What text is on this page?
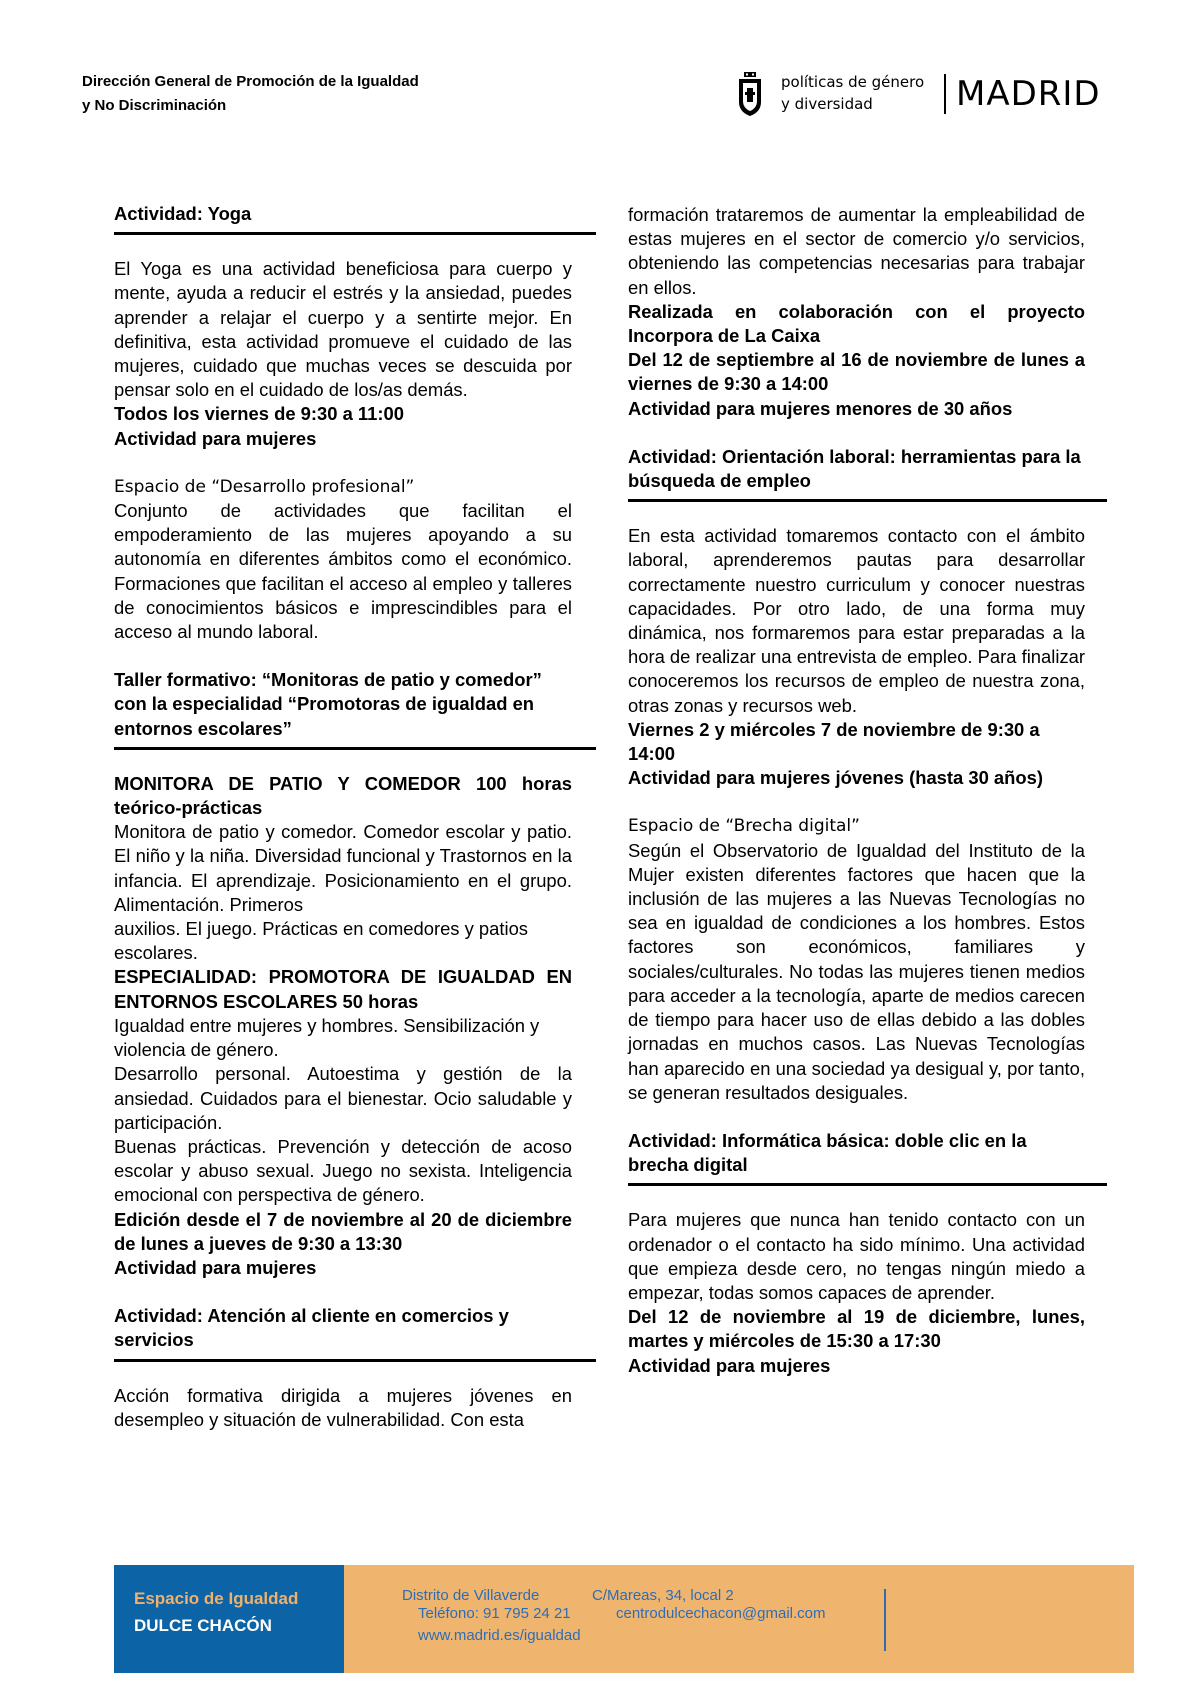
Dirección General de Promoción de la Igualdad
y No Discriminación
políticas de género
y diversidad MADRID

Actividad: Yoga

El Yoga es una actividad beneficiosa para cuerpo y mente, ayuda a reducir el estrés y la ansiedad, puedes aprender a relajar el cuerpo y a sentirte mejor. En definitiva, esta actividad promueve el cuidado de las mujeres, cuidado que muchas veces se descuida por pensar solo en el cuidado de los/as demás.

Todos los viernes de 9:30 a 11:00

Actividad para mujeres

Espacio de “Desarrollo profesional”

Conjunto de actividades que facilitan el empoderamiento de las mujeres apoyando a su autonomía en diferentes ámbitos como el económico. Formaciones que facilitan el acceso al empleo y talleres de conocimientos básicos e imprescindibles para el acceso al mundo laboral.

Taller formativo: “Monitoras de patio y comedor” con la especialidad “Promotoras de igualdad en entornos escolares”

MONITORA DE PATIO Y COMEDOR 100 horas teórico-prácticas

Monitora de patio y comedor. Comedor escolar y patio. El niño y la niña. Diversidad funcional y Trastornos en la infancia. El aprendizaje. Posicionamiento en el grupo. Alimentación. Primeros

auxilios. El juego. Prácticas en comedores y patios escolares.

ESPECIALIDAD: PROMOTORA DE IGUALDAD EN ENTORNOS ESCOLARES 50 horas

Igualdad entre mujeres y hombres. Sensibilización y violencia de género.

Desarrollo personal. Autoestima y gestión de la ansiedad. Cuidados para el bienestar. Ocio saludable y participación.

Buenas prácticas. Prevención y detección de acoso escolar y abuso sexual. Juego no sexista. Inteligencia emocional con perspectiva de género.

Edición desde el 7 de noviembre al 20 de diciembre de lunes a jueves de 9:30 a 13:30

Actividad para mujeres

Actividad: Atención al cliente en comercios y servicios

Acción formativa dirigida a mujeres jóvenes en desempleo y situación de vulnerabilidad. Con esta

formación trataremos de aumentar la empleabilidad de estas mujeres en el sector de comercio y/o servicios, obteniendo las competencias necesarias para trabajar en ellos.

Realizada en colaboración con el proyecto Incorpora de La Caixa

Del 12 de septiembre al 16 de noviembre de lunes a viernes de 9:30 a 14:00

Actividad para mujeres menores de 30 años

Actividad: Orientación laboral: herramientas para la búsqueda de empleo

En esta actividad tomaremos contacto con el ámbito laboral, aprenderemos pautas para desarrollar correctamente nuestro curriculum y conocer nuestras capacidades. Por otro lado, de una forma muy dinámica, nos formaremos para estar preparadas a la hora de realizar una entrevista de empleo. Para finalizar conoceremos los recursos de empleo de nuestra zona, otras zonas y recursos web.

Viernes 2 y miércoles 7 de noviembre de 9:30 a 14:00

Actividad para mujeres jóvenes (hasta 30 años)

Espacio de “Brecha digital”

Según el Observatorio de Igualdad del Instituto de la Mujer existen diferentes factores que hacen que la inclusión de las mujeres a las Nuevas Tecnologías no sea en igualdad de condiciones a los hombres. Estos factores son económicos, familiares y sociales/culturales. No todas las mujeres tienen medios para acceder a la tecnología, aparte de medios carecen de tiempo para hacer uso de ellas debido a las dobles jornadas en muchos casos. Las Nuevas Tecnologías han aparecido en una sociedad ya desigual y, por tanto, se generan resultados desiguales.

Actividad: Informática básica: doble clic en la brecha digital

Para mujeres que nunca han tenido contacto con un ordenador o el contacto ha sido mínimo. Una actividad que empieza desde cero, no tengas ningún miedo a empezar, todas somos capaces de aprender.

Del 12 de noviembre al 19 de diciembre, lunes, martes y miércoles de 15:30 a 17:30

Actividad para mujeres

Espacio de Igualdad
DULCE CHACÓN
Distrito de Villaverde	C/Mareas, 34, local 2
Teléfono: 91 795 24 21	centrodulcechacon@gmail.com
www.madrid.es/igualdad
